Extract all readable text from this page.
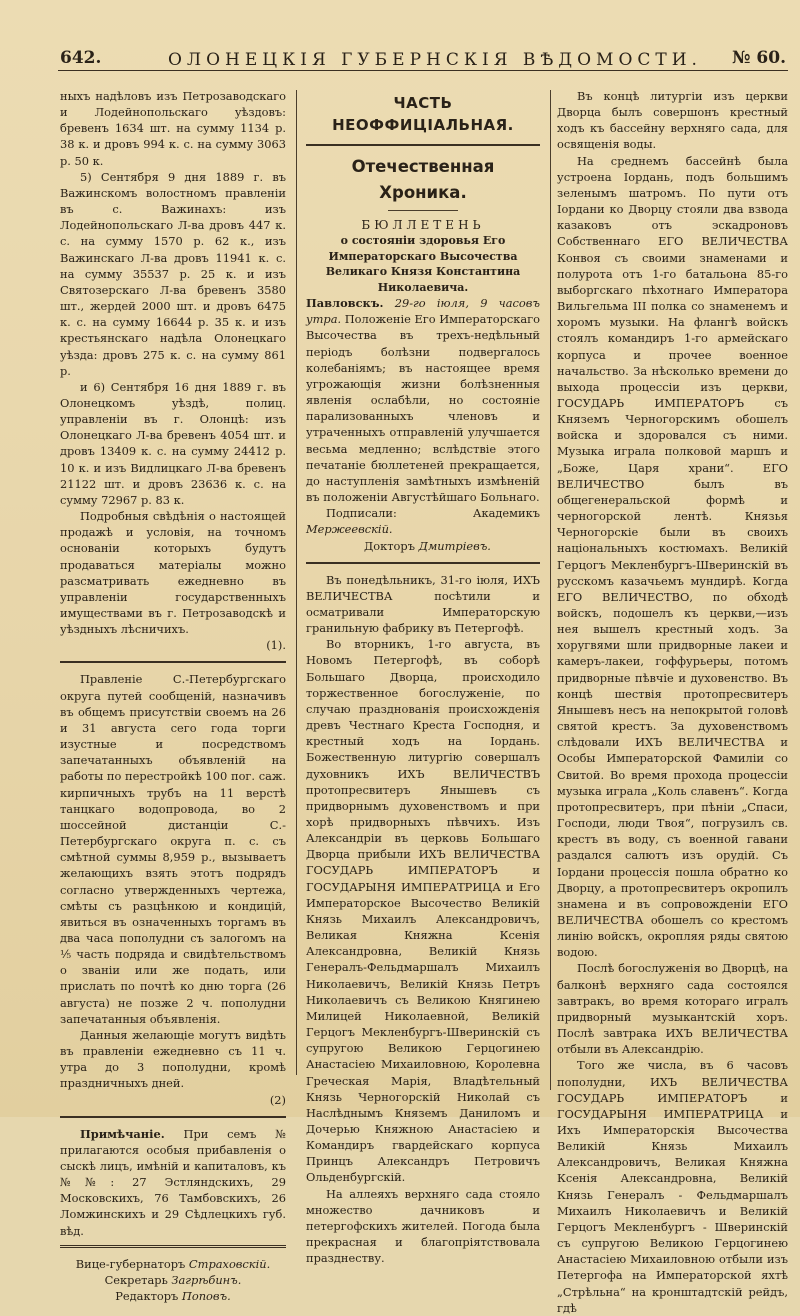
642.	ОЛОНЕЦКIЯ ГУБЕРНСКIЯ ВѢДОМОСТИ. № 60.

ныхъ надѣловъ изъ Петрозаводскаго и Лодейнопольскаго уѣздовъ: бревенъ 1634 шт. на сумму 1134 р. 38 к. и дровъ 994 к. с. на сумму 3063 р. 50 к.

5) Сентября 9 дня 1889 г. въ Важинскомъ волостномъ правленiи въ с. Важинахъ: изъ Лодейнопольскаго Л-ва дровъ 447 к. с. на сумму 1570 р. 62 к., изъ Важинскаго Л-ва дровъ 11941 к. с. на сумму 35537 р. 25 к. и изъ Святозерскаго Л-ва бревенъ 3580 шт., жердей 2000 шт. и дровъ 6475 к. с. на сумму 16644 р. 35 к. и изъ крестьянскаго надѣла Олонецкаго уѣзда: дровъ 275 к. с. на сумму 861 р.

и 6) Сентября 16 дня 1889 г. въ Олонецкомъ уѣздѣ, полиц. управленiи въ г. Олонцѣ: изъ Олонецкаго Л-ва бревенъ 4054 шт. и дровъ 13409 к. с. на сумму 24412 р. 10 к. и изъ Видлицкаго Л-ва бревенъ 21122 шт. и дровъ 23636 к. с. на сумму 72967 р. 83 к.

Подробныя свѣдѣнiя о настоящей продажѣ и условiя, на точномъ основанiи которыхъ будутъ продаваться матерiалы можно разсматривать ежедневно въ управленiи государственныхъ имуществами въ г. Петрозаводскѣ и уѣздныхъ лѣсничихъ.

(1).

Правленiе С.-Петербургскаго округа путей сообщенiй, назначивъ въ общемъ присутствiи своемъ на 26 и 31 августа сего года торги изустные и посредствомъ запечатанныхъ объявленiй на работы по перестройкѣ 100 пог. саж. кирпичныхъ трубъ на 11 верстѣ танцкаго водопровода, во 2 шоссейной дистанцiи С.-Петербургскаго округа п. с. съ смѣтной суммы 8,959 р., вызываетъ желающихъ взять этотъ подрядъ согласно утвержденныхъ чертежа, смѣты съ разцѣнкою и кондицiй, явиться въ означенныхъ торгамъ въ два часа пополудни съ залогомъ на ¹⁄₅ часть подряда и свидѣтельствомъ о званiи или же подать, или прислать по почтѣ ко дню торга (26 августа) не позже 2 ч. пополудни запечатанныя объявленiя.

Данныя желающiе могутъ видѣть въ правленiи ежедневно съ 11 ч. утра до 3 пополудни, кромѣ праздничныхъ дней.

(2)

Примѣчанiе. При семъ № прилагаются особыя прибавленiя о сыскѣ лицъ, имѣнiй и капиталовъ, къ №№: 27 Эстляндскихъ, 29 Московскихъ, 76 Тамбовскихъ, 26 Ломжинскихъ и 29 Сѣдлецкихъ губ. вѣд.

Вице-губернаторъ Страховскiй.

Секретарь Загрѣбинъ.

Редакторъ Поповъ.

ЧАСТЬ НЕОФФИЦIАЛЬНАЯ.
Отечественная Хроника.
БЮЛЛЕТЕНЬ

о состоянiи здоровья Его Императорскаго Высочества Великаго Князя Константина Николаевича.

Павловскъ. 29-го iюля, 9 часовъ утра. Положенiе Его Императорскаго Высочества въ трехъ-недѣльный перiодъ болѣзни подвергалось колебанiямъ; въ настоящее время угрожающiя жизни болѣзненныя явленiя ослабѣли, но состоянiе парализованныхъ членовъ и утраченныхъ отправленiй улучшается весьма медленно; вслѣдствiе этого печатанiе бюллетеней прекращается, до наступленiя замѣтныхъ измѣненiй въ положенiи Августѣйшаго Больнаго.

Подписали: Академикъ Мержеевскiй.

Докторъ Дмитрiевъ.

Въ понедѣльникъ, 31-го iюля, ИХЪ ВЕЛИЧЕСТВА посѣтили и осматривали Императорскую гранильную фабрику въ Петергофѣ.

Во вторникъ, 1-го августа, въ Новомъ Петергофѣ, въ соборѣ Большаго Дворца, происходило торжественное богослуженiе, по случаю празднованiя происхожденiя древъ Честнаго Креста Господня, и крестный ходъ на Iордань. Божественную литургiю совершалъ духовникъ ИХЪ ВЕЛИЧЕСТВЪ протопресвитеръ Янышевъ съ придворнымъ духовенствомъ и при хорѣ придворныхъ пѣвчихъ. Изъ Александрiи въ церковь Большаго Дворца прибыли ИХЪ ВЕЛИЧЕСТВА ГОСУДАРЬ ИМПЕРАТОРЪ и ГОСУДАРЫНЯ ИМПЕРАТРИЦА и Его Императорское Высочество Великiй Князь Михаилъ Александровичъ, Великая Княжна Ксенiя Александровна, Великiй Князь Генералъ-Фельдмаршалъ Михаилъ Николаевичъ, Великiй Князь Петръ Николаевичъ съ Великою Княгинею Милицей Николаевной, Великiй Герцогъ Мекленбургъ-Шверинскiй съ супругою Великою Герцогинею Анастасiею Михаиловною, Королевна Греческая Марiя, Владѣтельный Князь Черногорскiй Николай съ Наслѣднымъ Княземъ Даниломъ и Дочерью Княжною Анастасiею и Командиръ гвардейскаго корпуса Принцъ Александръ Петровичъ Ольденбургскiй.

На аллеяхъ верхняго сада стояло множество дачниковъ и петергофскихъ жителей. Погода была прекрасная и благопрiятствовала празднеству.

Въ концѣ литургiи изъ церкви Дворца былъ совершонъ крестный ходъ къ бассейну верхняго сада, для освященiя воды.

На среднемъ бассейнѣ была устроена Iордань, подъ большимъ зеленымъ шатромъ. По пути отъ Iордани ко Дворцу стояли два взвода казаковъ отъ эскадроновъ Собственнаго ЕГО ВЕЛИЧЕСТВА Конвоя съ своими знаменами и полурота отъ 1-го батальона 85-го выборгскаго пѣхотнаго Императора Вильгельма III полка со знаменемъ и хоромъ музыки. На флангѣ войскъ стоялъ командиръ 1-го армейскаго корпуса и прочее военное начальство. За нѣсколько времени до выхода процессiи изъ церкви, ГОСУДАРЬ ИМПЕРАТОРЪ съ Княземъ Черногорскимъ обошелъ войска и здоровался съ ними. Музыка играла полковой маршъ и „Боже, Царя храни“. ЕГО ВЕЛИЧЕСТВО былъ въ общегенеральской формѣ и черногорской лентѣ. Князья Черногорскiе были въ своихъ нацiональныхъ костюмахъ. Великiй Герцогъ Мекленбургъ-Шверинскiй въ русскомъ казачьемъ мундирѣ. Когда ЕГО ВЕЛИЧЕСТВО, по обходѣ войскъ, подошелъ къ церкви,—изъ нея вышелъ крестный ходъ. За хоругвями шли придворные лакеи и камеръ-лакеи, гоффурьеры, потомъ придворные пѣвчiе и духовенство. Въ концѣ шествiя протопресвитеръ Янышевъ несъ на непокрытой головѣ святой крестъ. За духовенствомъ слѣдовали ИХЪ ВЕЛИЧЕСТВА и Особы Императорской Фамилiи со Свитой. Во время прохода процессiи музыка играла „Коль славенъ“. Когда протопресвитеръ, при пѣнiи „Спаси, Господи, люди Твоя“, погрузилъ св. крестъ въ воду, съ военной гавани раздался салютъ изъ орудiй. Съ Iордани процессiя пошла обратно ко Дворцу, а протопресвитеръ окропилъ знамена и въ сопровожденiи ЕГО ВЕЛИЧЕСТВА обошелъ со крестомъ линiю войскъ, окропляя ряды святою водою.

Послѣ богослуженiя во Дворцѣ, на балконѣ верхняго сада состоялся завтракъ, во время котораго игралъ придворный музыкантскiй хоръ. Послѣ завтрака ИХЪ ВЕЛИЧЕСТВА отбыли въ Александрiю.

Того же числа, въ 6 часовъ пополудни, ИХЪ ВЕЛИЧЕСТВА ГОСУДАРЬ ИМПЕРАТОРЪ и ГОСУДАРЫНЯ ИМПЕРАТРИЦА и Ихъ Императорскiя Высочества Великiй Князь Михаилъ Александровичъ, Великая Княжна Ксенiя Александровна, Великiй Князь Генералъ - Фельдмаршалъ Михаилъ Николаевичъ и Великiй Герцогъ Мекленбургъ - Шверинскiй съ супругою Великою Герцогинею Анастасiею Михаиловною отбыли изъ Петергофа на Императорской яхтѣ „Стрѣльна“ на кронштадтскiй рейдъ, гдѣ
